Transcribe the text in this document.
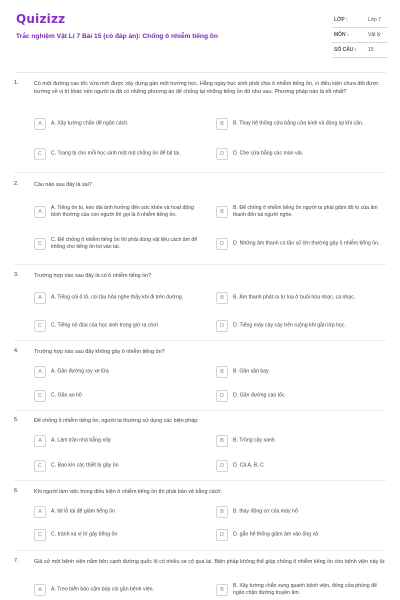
Quizizz
Trắc nghiệm Vật Lí 7 Bài 15 (có đáp án): Chống ô nhiễm tiếng ồn
LỚP :	Lớp 7
MÔN :	Vật lý
SỐ CÂU : 15
1.	Có một đường cao tốc vừa mới được xây dựng gần một trường học. Hằng ngày học sinh phải chịu ô nhiễm tiếng ồn, vì điều kiện chưa đổi được trường về vị trí khác nên người ta đã có những phương án để chống lại những tiếng ồn đó như sau. Phương pháp nào là tốt nhất?
A	A. Xây tường chắn để ngăn cách.	B	B. Thay hệ thống cửa bằng cửa kính và đóng lại khi cần.
C	C. Trang bị cho mỗi học sinh một mũ chống ồn để bịt tai.	D	D. Che cửa bằng các màn vải.
2.	Câu nào sau đây là sai?
A
A. Tiếng ồn to, kéo dài ảnh hưởng đến sức khỏe và hoạt động bình thường của con người thì gọi là ô nhiễm tiếng ồn.	B
B. Để chống ô nhiễm tiếng ồn người ta phải giảm độ to của âm thanh đến tai người nghe.
C
C. Để chống ô nhiễm tiếng ồn thì phải dùng vật liệu cách âm để không cho tiếng ồn lọt vào tai.	D	D. Những âm thanh có tần số lớn thường gây ô nhiễm tiếng ồn.
3.	Trường hợp nào sau đây là có ô nhiễm tiếng ồn?
A	A. Tiếng còi ô tô, còi tàu hỏa nghe thấy khi đi trên đường.	B	B. Âm thanh phát ra từ loa ở buổi hòa nhạc, ca nhạc.
C	C. Tiếng nô đùa của học sinh trong giờ ra chơi.	D	D. Tiếng máy cày cày trên ruộng khi gần lớp học.
4.	Trường hợp nào sau đây không gây ô nhiễm tiếng ồn?
A	A. Gần đường ray xe lửa	B	B. Gần sân bay
C	C. Gần ao hồ	D	D. Gần đường cao tốc
5.	Để chống ô nhiễm tiếng ồn, người ta thường sử dụng các biện pháp:
A	A. Làm trần nhà bằng xốp	B	B. Trồng cây xanh
C	C. Bao kín các thiết bị gây ồn	D	D. Cả A, B, C
6.	Khi người làm việc trong điều kiện ô nhiễm tiếng ồn thì phải bảo vệ bằng cách:
A	A. bịt lỗ tai để giảm tiếng ồn	B	B. thay động cơ của máy nổ
C	C. tránh xa vị trí gây tiếng ồn	D	D. gắn hệ thống giảm âm vào ống xả
7.	Giả sử một bệnh viện nằm bên cạnh đường quốc lộ có nhiều xe cộ qua lại. Biện pháp không thể giúp chống ô nhiễm tiếng ồn cho bệnh viện này là:
A	A. Treo biển báo cấm bóp còi gần bệnh viện.	B
B. Xây tường chắn xung quanh bệnh viện, đóng cửa phòng để ngăn chặn đường truyền âm.
